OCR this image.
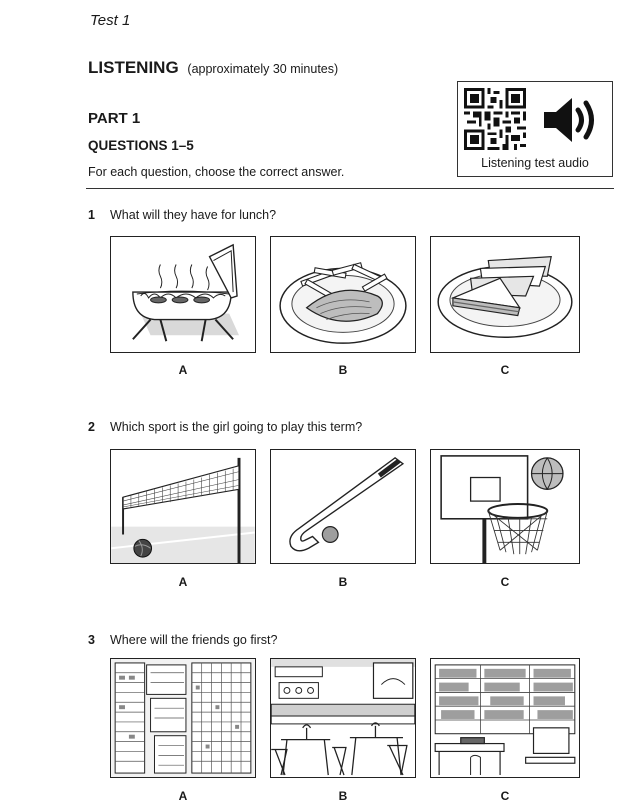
Test 1
LISTENING (approximately 30 minutes)
PART 1
QUESTIONS 1–5
For each question, choose the correct answer.
Listening test audio
1 What will they have for lunch?
A	B	C
2 Which sport is the girl going to play this term?
A	B	C
3 Where will the friends go first?
A	B	C
